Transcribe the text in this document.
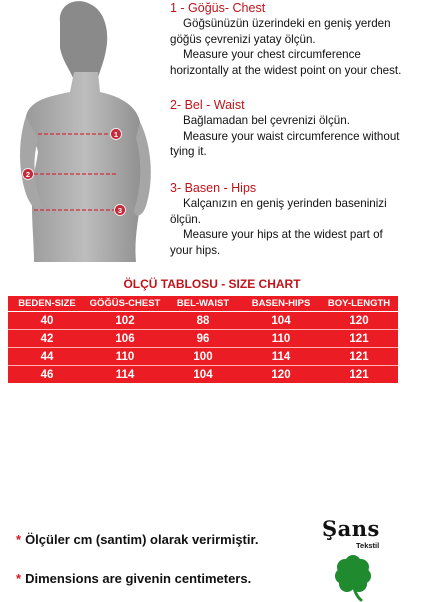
1
2
3
1 - Göğüs- Chest
Göğsünüzün üzerindeki en geniş yerden
göğüs çevrenizi yatay ölçün.
Measure your chest circumference
horizontally at the widest point on your chest.
2- Bel - Waist
Bağlamadan bel çevrenizi ölçün.
Measure your waist circumference without
tying it.
3- Basen - Hips
Kalçanızın en geniş yerinden baseninizi
ölçün.
Measure your hips at the widest part of
your hips.
ÖLÇÜ TABLOSU - SIZE CHART
BEDEN-SIZE	GÖĞÜS-CHEST	BEL-WAIST	BASEN-HIPS	BOY-LENGTH
40	102	88	104	120
42	106	96	110	121
44	110	100	114	121
46	114	104	120	121
* Ölçüler cm (santim) olarak verirmiştir.
* Dimensions are givenin centimeters.
Şans
Tekstil
